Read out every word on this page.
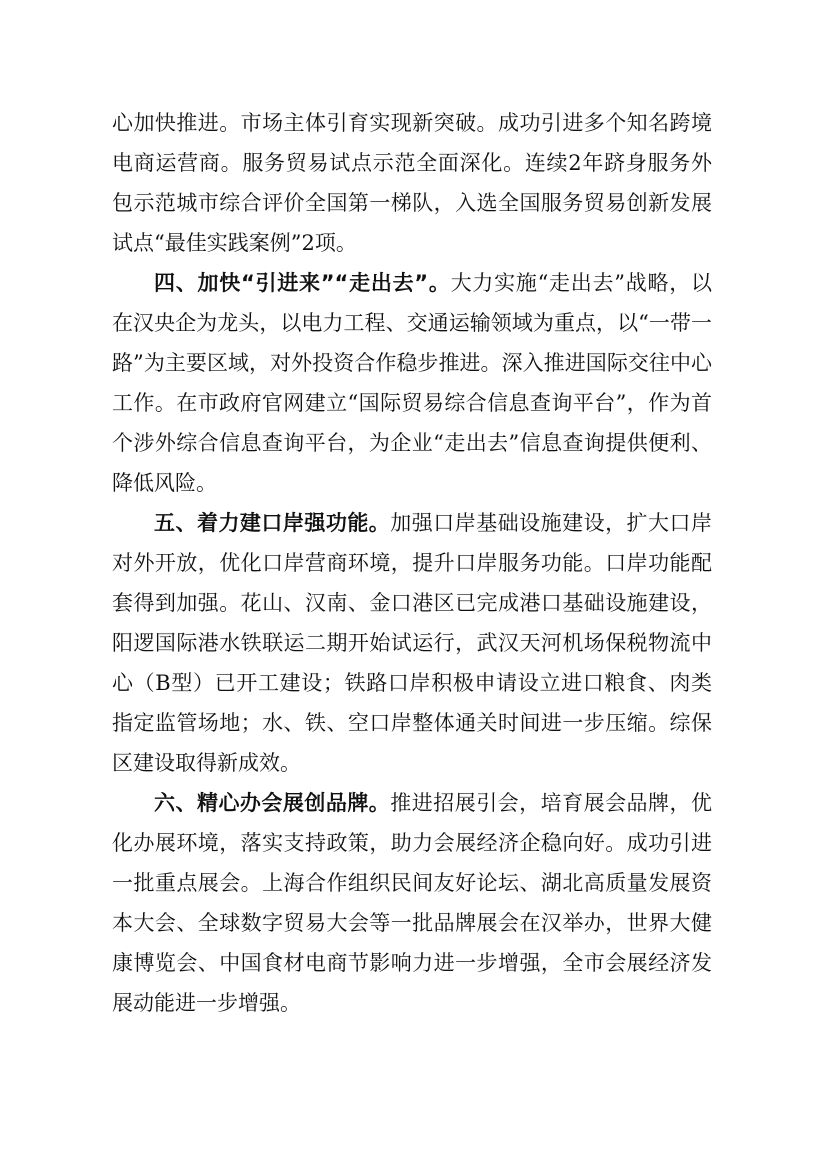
心加快推进。市场主体引育实现新突破。成功引进多个知名跨境电商运营商。服务贸易试点示范全面深化。连续2年跻身服务外包示范城市综合评价全国第一梯队，入选全国服务贸易创新发展试点“最佳实践案例”2项。

四、加快“引进来”“走出去”。大力实施“走出去”战略，以在汉央企为龙头，以电力工程、交通运输领域为重点，以“一带一路”为主要区域，对外投资合作稳步推进。深入推进国际交往中心工作。在市政府官网建立“国际贸易综合信息查询平台”，作为首个涉外综合信息查询平台，为企业“走出去”信息查询提供便利、降低风险。

五、着力建口岸强功能。加强口岸基础设施建设，扩大口岸对外开放，优化口岸营商环境，提升口岸服务功能。口岸功能配套得到加强。花山、汉南、金口港区已完成港口基础设施建设，阳逻国际港水铁联运二期开始试运行，武汉天河机场保税物流中心（B型）已开工建设；铁路口岸积极申请设立进口粮食、肉类指定监管场地；水、铁、空口岸整体通关时间进一步压缩。综保区建设取得新成效。

六、精心办会展创品牌。推进招展引会，培育展会品牌，优化办展环境，落实支持政策，助力会展经济企稳向好。成功引进一批重点展会。上海合作组织民间友好论坛、湖北高质量发展资本大会、全球数字贸易大会等一批品牌展会在汉举办，世界大健康博览会、中国食材电商节影响力进一步增强，全市会展经济发展动能进一步增强。
